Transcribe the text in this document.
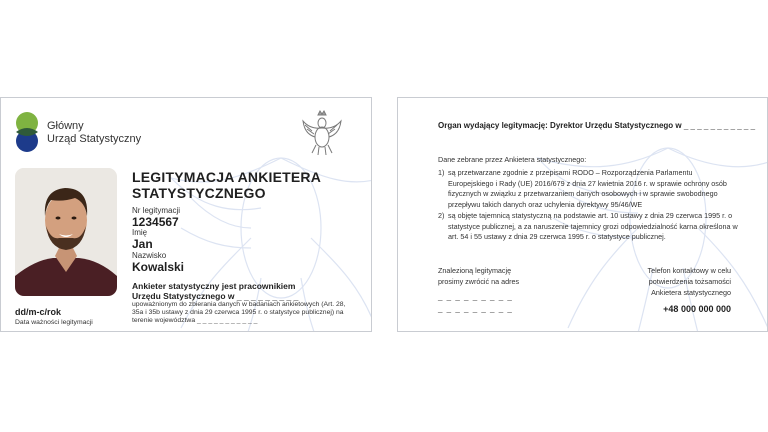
Główny
Urząd Statystyczny
LEGITYMACJA ANKIETERA
STATYSTYCZNEGO
Nr legitymacji
1234567
Imię
Jan
Nazwisko
Kowalski
Ankieter statystyczny jest pracownikiem
Urzędu Statystycznego w _ _ _ _ _ _ _ _ _
upoważnionym do zbierania danych w badaniach ankietowych (Art. 28, 35a i 35b ustawy z dnia 29 czerwca 1995 r. o statystyce publicznej) na terenie województwa _ _ _ _ _ _ _ _ _ _ _
dd/m-c/rok
Data ważności legitymacji
Organ wydający legitymację: Dyrektor Urzędu Statystycznego w _ _ _ _ _ _ _ _ _ _ _
Dane zebrane przez Ankietera statystycznego:
1) są przetwarzane zgodnie z przepisami RODO – Rozporządzenia Parlamentu Europejskiego i Rady (UE) 2016/679 z dnia 27 kwietnia 2016 r. w sprawie ochrony osób fizycznych w związku z przetwarzaniem danych osobowych i w sprawie swobodnego przepływu takich danych oraz uchylenia dyrektywy 95/46/WE
2) są objęte tajemnicą statystyczną na podstawie art. 10 ustawy z dnia 29 czerwca 1995 r. o statystyce publicznej, a za naruszenie tajemnicy grozi odpowiedzialność karna określona w art. 54 i 55 ustawy z dnia 29 czerwca 1995 r. o statystyce publicznej.
Znalezioną legitymację
prosimy zwrócić na adres
_ _ _ _ _ _ _ _ _
_ _ _ _ _ _ _ _ _
Telefon kontaktowy w celu potwierdzenia tożsamości Ankietera statystycznego
+48 000 000 000
